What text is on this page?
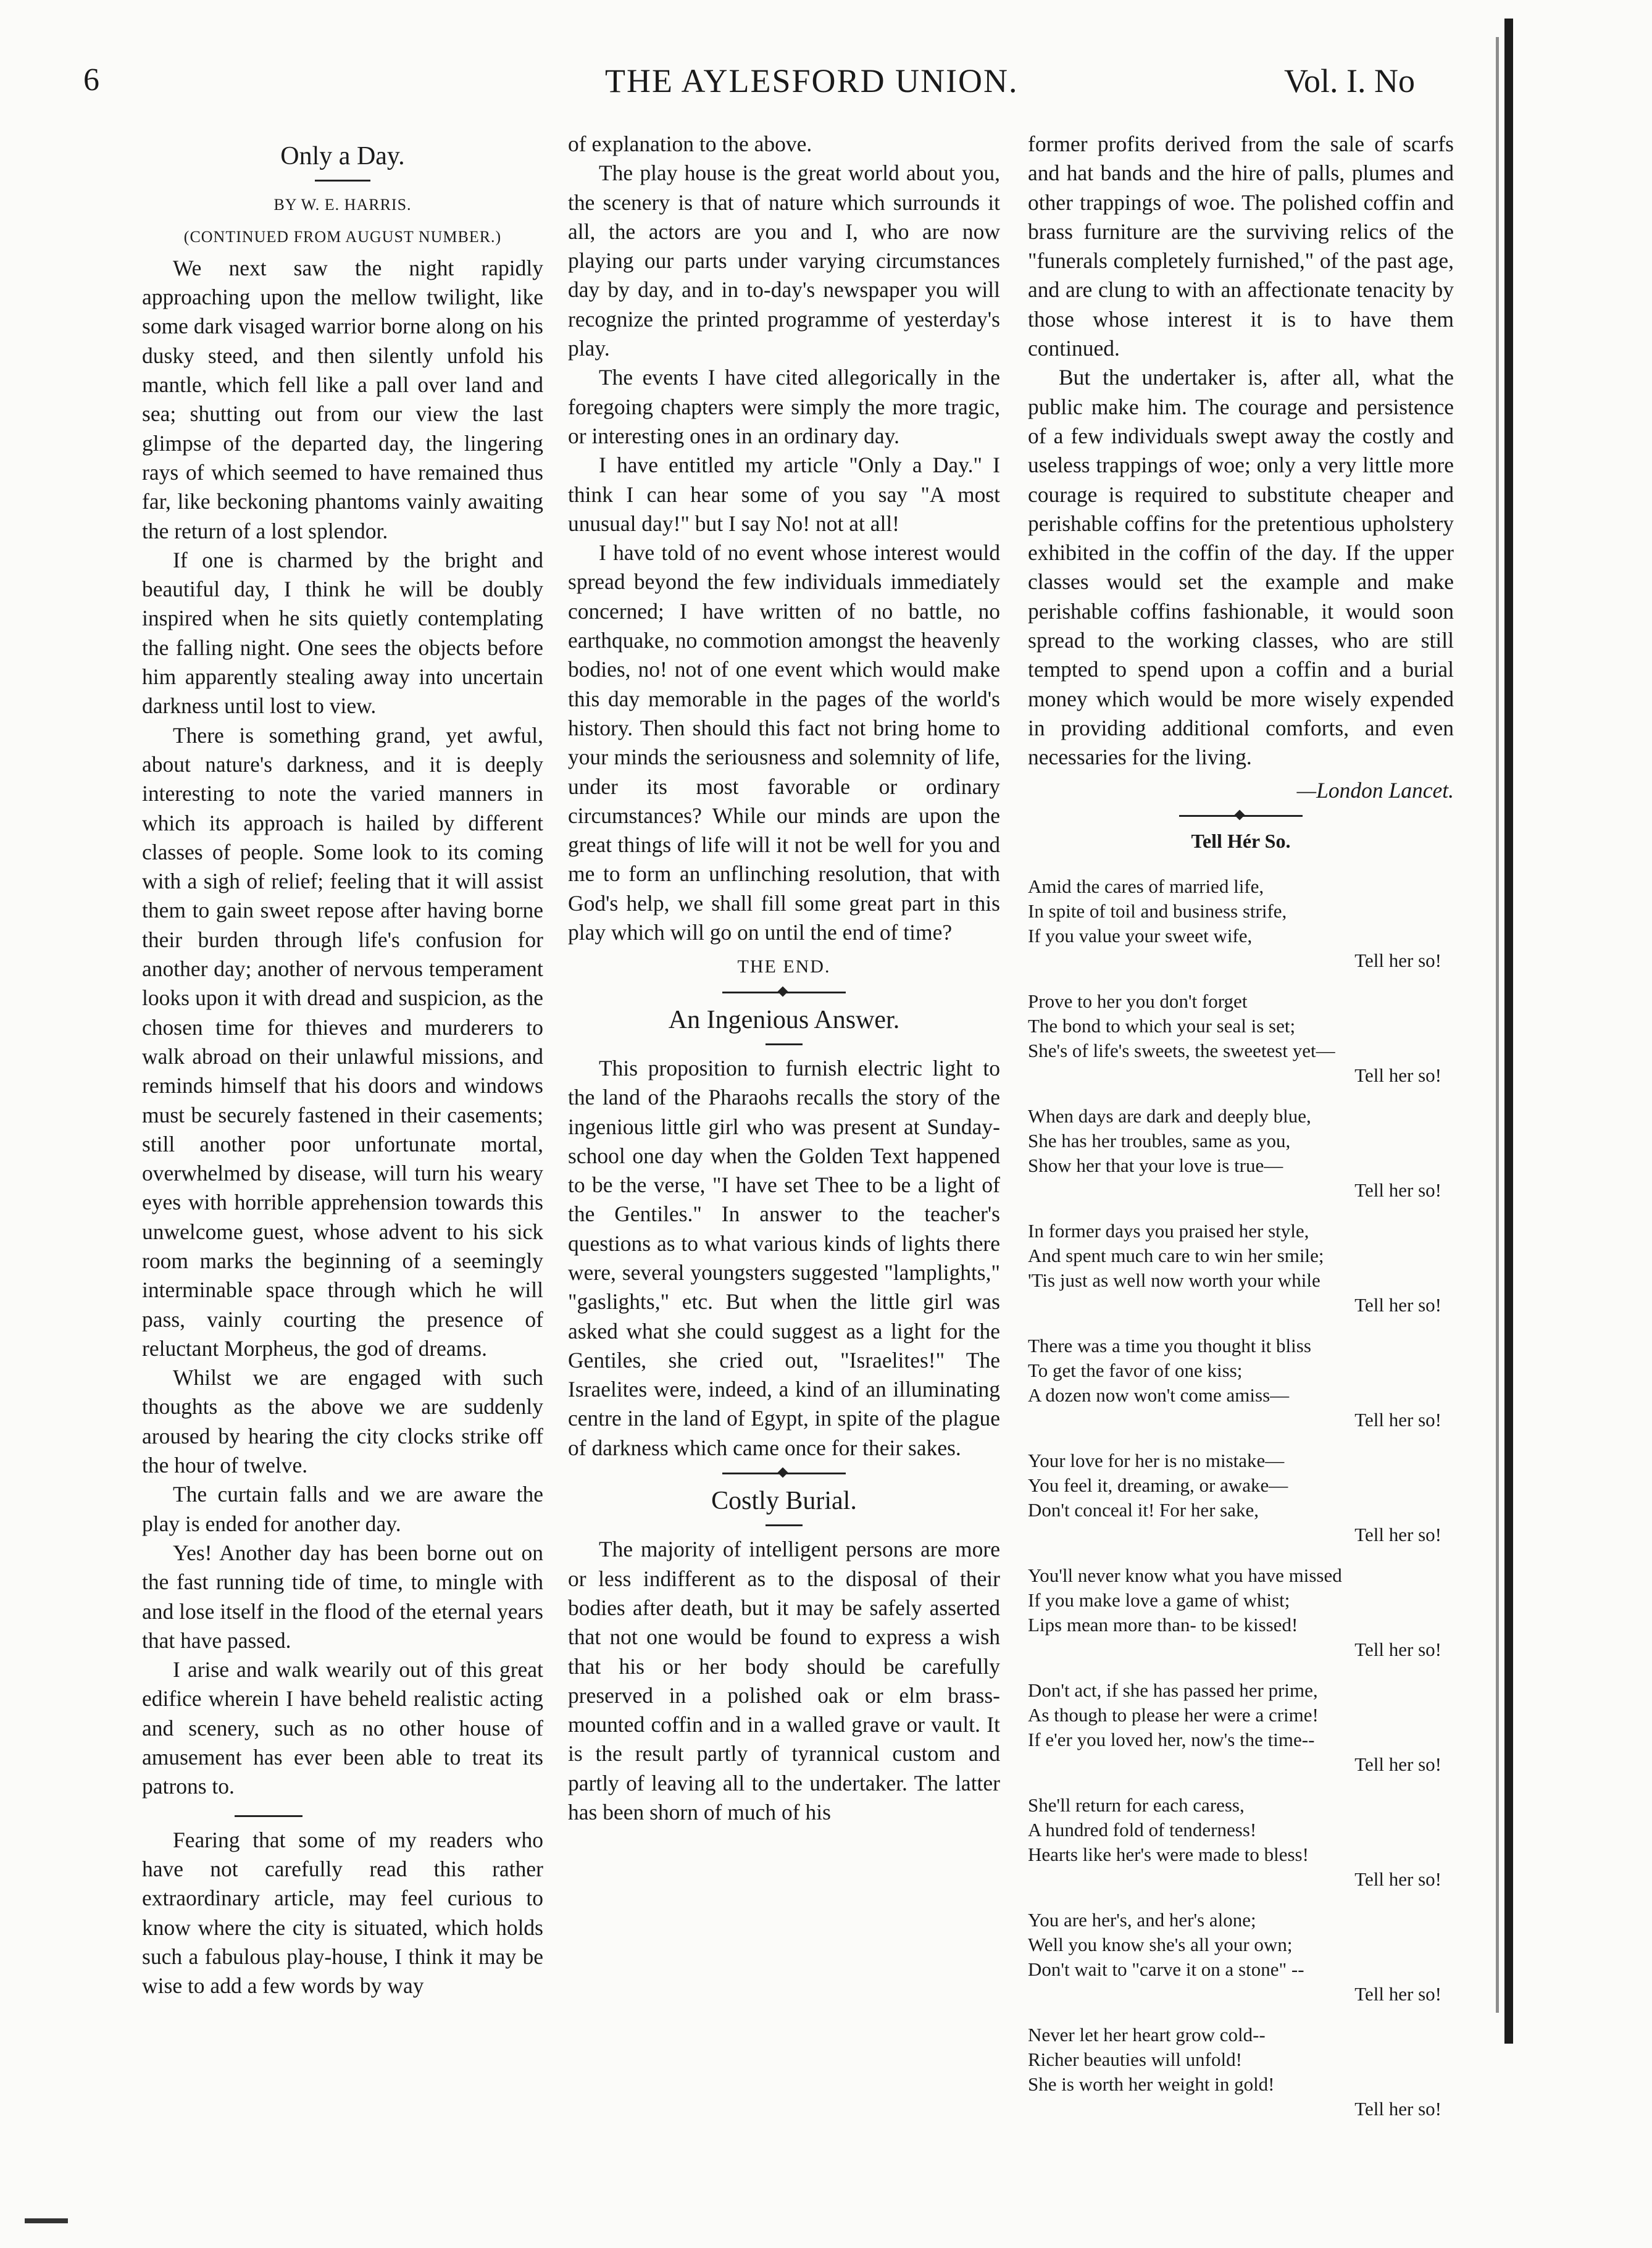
6	THE AYLESFORD UNION.	Vol. I. No
Only a Day.
BY W. E. HARRIS.
(CONTINUED FROM AUGUST NUMBER.)

We next saw the night rapidly approaching upon the mellow twilight, like some dark visaged warrior borne along on his dusky steed, and then silently unfold his mantle, which fell like a pall over land and sea; shutting out from our view the last glimpse of the departed day, the lingering rays of which seemed to have remained thus far, like beckoning phantoms vainly awaiting the return of a lost splendor.

If one is charmed by the bright and beautiful day, I think he will be doubly inspired when he sits quietly contemplating the falling night. One sees the objects before him apparently stealing away into uncertain darkness until lost to view.

There is something grand, yet awful, about nature's darkness, and it is deeply interesting to note the varied manners in which its approach is hailed by different classes of people. Some look to its coming with a sigh of relief; feeling that it will assist them to gain sweet repose after having borne their burden through life's confusion for another day; another of nervous temperament looks upon it with dread and suspicion, as the chosen time for thieves and murderers to walk abroad on their unlawful missions, and reminds himself that his doors and windows must be securely fastened in their casements; still another poor unfortunate mortal, overwhelmed by disease, will turn his weary eyes with horrible apprehension towards this unwelcome guest, whose advent to his sick room marks the beginning of a seemingly interminable space through which he will pass, vainly courting the presence of reluctant Morpheus, the god of dreams.

Whilst we are engaged with such thoughts as the above we are suddenly aroused by hearing the city clocks strike off the hour of twelve.

The curtain falls and we are aware the play is ended for another day.

Yes! Another day has been borne out on the fast running tide of time, to mingle with and lose itself in the flood of the eternal years that have passed.

I arise and walk wearily out of this great edifice wherein I have beheld realistic acting and scenery, such as no other house of amusement has ever been able to treat its patrons to.

Fearing that some of my readers who have not carefully read this rather extraordinary article, may feel curious to know where the city is situated, which holds such a fabulous play-house, I think it may be wise to add a few words by way

of explanation to the above.

The play house is the great world about you, the scenery is that of nature which surrounds it all, the actors are you and I, who are now playing our parts under varying circumstances day by day, and in to-day's newspaper you will recognize the printed programme of yesterday's play.

The events I have cited allegorically in the foregoing chapters were simply the more tragic, or interesting ones in an ordinary day.

I have entitled my article "Only a Day." I think I can hear some of you say "A most unusual day!" but I say No! not at all!

I have told of no event whose interest would spread beyond the few individuals immediately concerned; I have written of no battle, no earthquake, no commotion amongst the heavenly bodies, no! not of one event which would make this day memorable in the pages of the world's history. Then should this fact not bring home to your minds the seriousness and solemnity of life, under its most favorable or ordinary circumstances? While our minds are upon the great things of life will it not be well for you and me to form an unflinching resolution, that with God's help, we shall fill some great part in this play which will go on until the end of time?

THE END.
An Ingenious Answer.

This proposition to furnish electric light to the land of the Pharaohs recalls the story of the ingenious little girl who was present at Sunday-school one day when the Golden Text happened to be the verse, "I have set Thee to be a light of the Gentiles." In answer to the teacher's questions as to what various kinds of lights there were, several youngsters suggested "lamplights," "gaslights," etc. But when the little girl was asked what she could suggest as a light for the Gentiles, she cried out, "Israelites!" The Israelites were, indeed, a kind of an illuminating centre in the land of Egypt, in spite of the plague of darkness which came once for their sakes.

Costly Burial.

The majority of intelligent persons are more or less indifferent as to the disposal of their bodies after death, but it may be safely asserted that not one would be found to express a wish that his or her body should be carefully preserved in a polished oak or elm brass-mounted coffin and in a walled grave or vault. It is the result partly of tyrannical custom and partly of leaving all to the undertaker. The latter has been shorn of much of his

former profits derived from the sale of scarfs and hat bands and the hire of palls, plumes and other trappings of woe. The polished coffin and brass furniture are the surviving relics of the "funerals completely furnished," of the past age, and are clung to with an affectionate tenacity by those whose interest it is to have them continued.

But the undertaker is, after all, what the public make him. The courage and persistence of a few individuals swept away the costly and useless trappings of woe; only a very little more courage is required to substitute cheaper and perishable coffins for the pretentious upholstery exhibited in the coffin of the day. If the upper classes would set the example and make perishable coffins fashionable, it would soon spread to the working classes, who are still tempted to spend upon a coffin and a burial money which would be more wisely expended in providing additional comforts, and even necessaries for the living.

—London Lancet.
Tell Hér So.
Amid the cares of married life,
In spite of toil and business strife,
If you value your sweet wife,
Tell her so!
Prove to her you don't forget
The bond to which your seal is set;
She's of life's sweets, the sweetest yet—
Tell her so!
When days are dark and deeply blue,
She has her troubles, same as you,
Show her that your love is true—
Tell her so!
In former days you praised her style,
And spent much care to win her smile;
'Tis just as well now worth your while
Tell her so!
There was a time you thought it bliss
To get the favor of one kiss;
A dozen now won't come amiss—
Tell her so!
Your love for her is no mistake—
You feel it, dreaming, or awake—
Don't conceal it! For her sake,
Tell her so!
You'll never know what you have missed
If you make love a game of whist;
Lips mean more than- to be kissed!
Tell her so!
Don't act, if she has passed her prime,
As though to please her were a crime!
If e'er you loved her, now's the time--
Tell her so!
She'll return for each caress,
A hundred fold of tenderness!
Hearts like her's were made to bless!
Tell her so!
You are her's, and her's alone;
Well you know she's all your own;
Don't wait to "carve it on a stone" --
Tell her so!
Never let her heart grow cold--
Richer beauties will unfold!
She is worth her weight in gold!
Tell her so!
